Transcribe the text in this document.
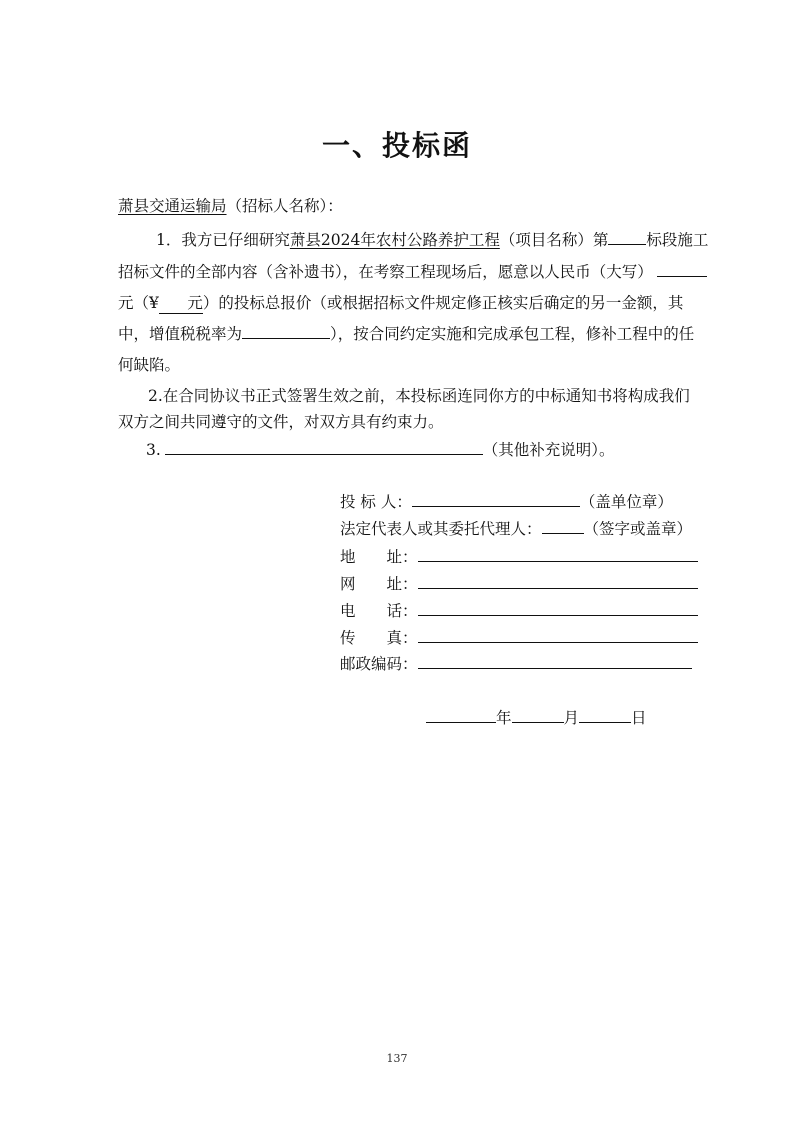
一、投标函
萧县交通运输局（招标人名称）：
1．我方已仔细研究萧县2024年农村公路养护工程（项目名称）第 标段施工
招标文件的全部内容（含补遗书），在考察工程现场后，愿意以人民币（大写）
元（¥ 元）的投标总报价（或根据招标文件规定修正核实后确定的另一金额，其
中，增值税税率为	），按合同约定实施和完成承包工程，修补工程中的任
何缺陷。
2.在合同协议书正式签署生效之前，本投标函连同你方的中标通知书将构成我们
双方之间共同遵守的文件，对双方具有约束力。
3.	（其他补充说明）。
投 标 人：	（盖单位章）
法定代表人或其委托代理人：	（签字或盖章）
地　　址：
网　　址：
电　　话：
传　　真：
邮政编码：
年	月	日
137
